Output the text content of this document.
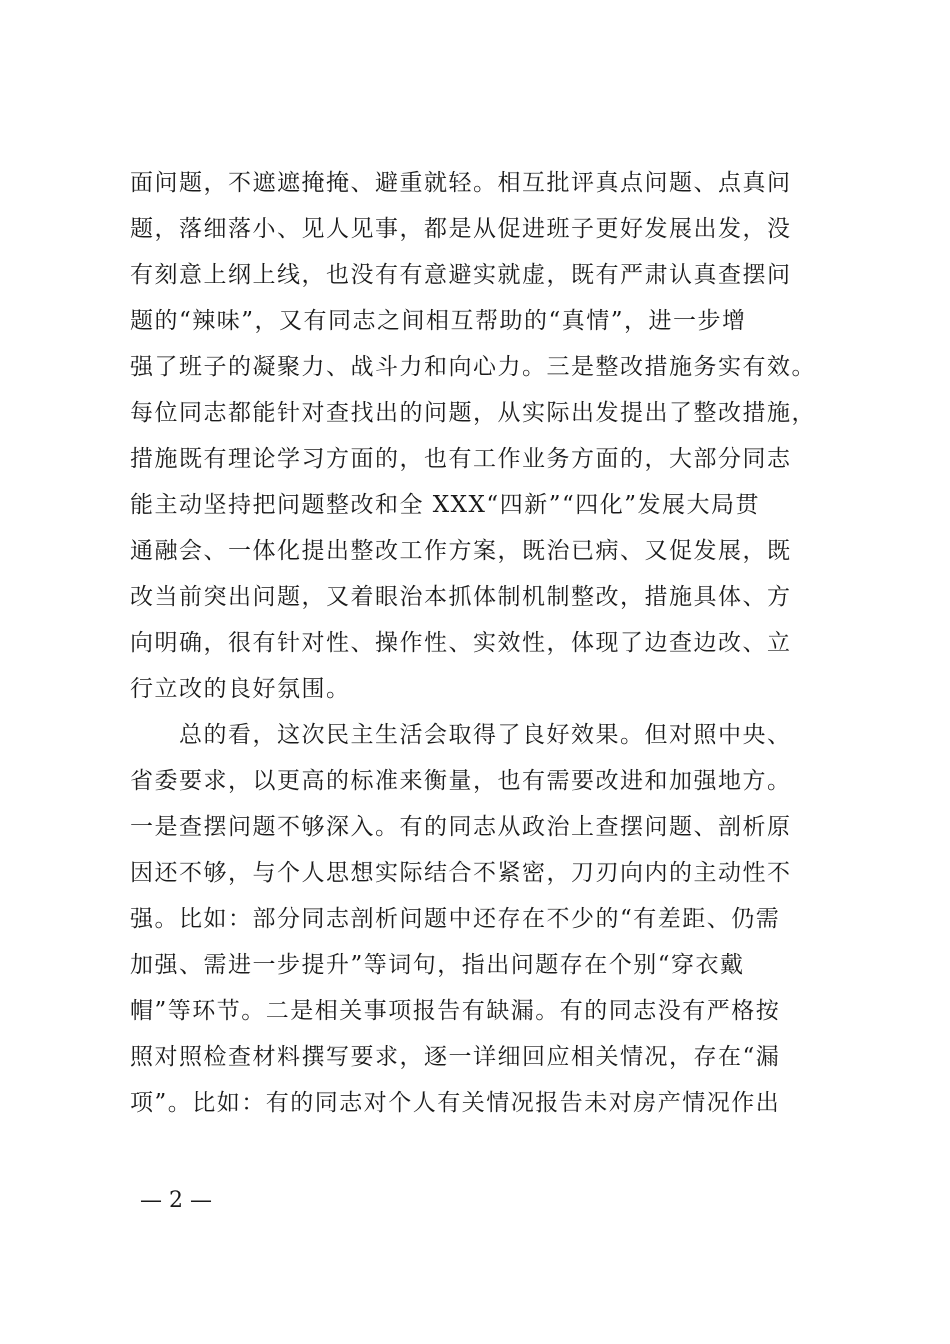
面问题，不遮遮掩掩、避重就轻。相互批评真点问题、点真问
题，落细落小、见人见事，都是从促进班子更好发展出发，没
有刻意上纲上线，也没有有意避实就虚，既有严肃认真查摆问
题的“辣味”，又有同志之间相互帮助的“真情”，进一步增
强了班子的凝聚力、战斗力和向心力。三是整改措施务实有效。
每位同志都能针对查找出的问题，从实际出发提出了整改措施，
措施既有理论学习方面的，也有工作业务方面的，大部分同志
能主动坚持把问题整改和全 XXX“四新”“四化”发展大局贯
通融会、一体化提出整改工作方案，既治已病、又促发展，既
改当前突出问题，又着眼治本抓体制机制整改，措施具体、方
向明确，很有针对性、操作性、实效性，体现了边查边改、立
行立改的良好氛围。
　　总的看，这次民主生活会取得了良好效果。但对照中央、
省委要求，以更高的标准来衡量，也有需要改进和加强地方。
一是查摆问题不够深入。有的同志从政治上查摆问题、剖析原
因还不够，与个人思想实际结合不紧密，刀刃向内的主动性不
强。比如：部分同志剖析问题中还存在不少的“有差距、仍需
加强、需进一步提升”等词句，指出问题存在个别“穿衣戴
帽”等环节。二是相关事项报告有缺漏。有的同志没有严格按
照对照检查材料撰写要求，逐一详细回应相关情况，存在“漏
项”。比如：有的同志对个人有关情况报告未对房产情况作出
— 2 —
